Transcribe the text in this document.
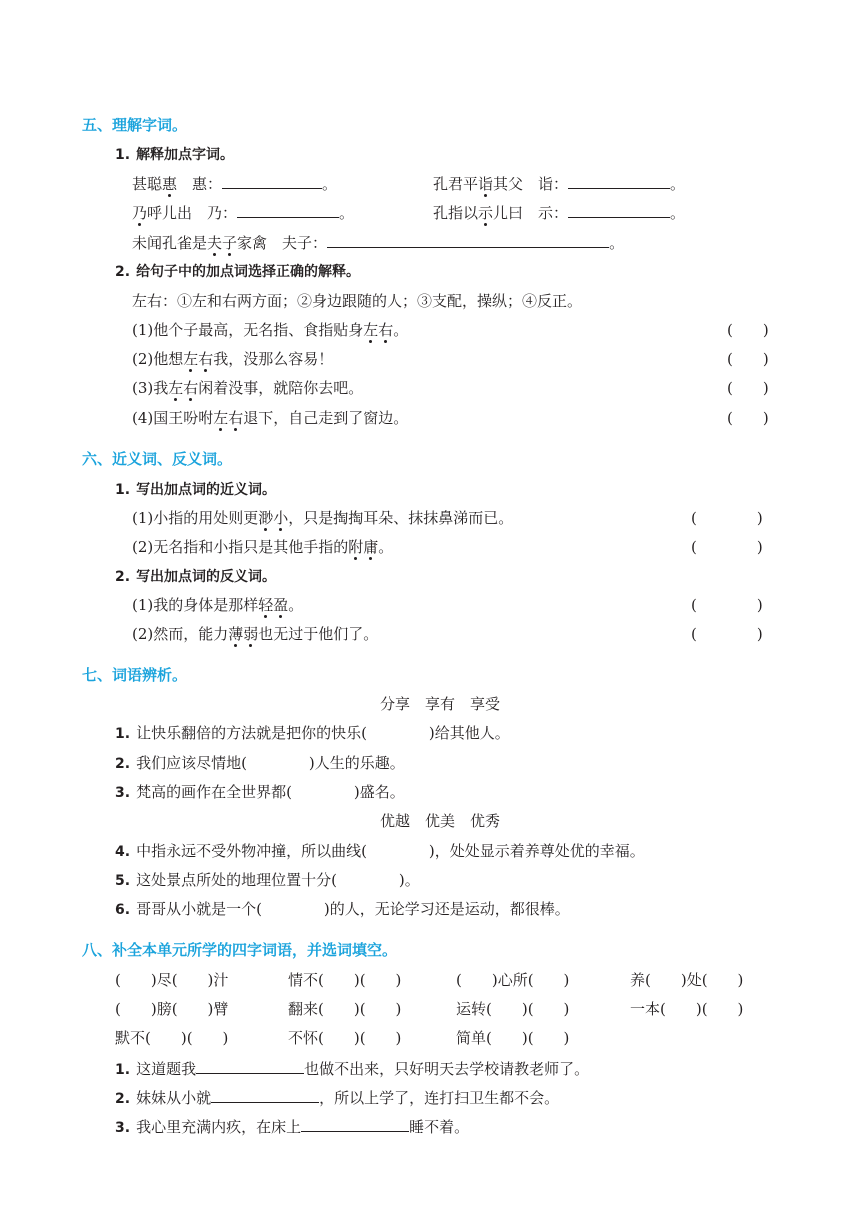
五、理解字词。
1. 解释加点字词。
甚聪惠　惠：	。	孔君平诣其父　诣：	。
乃呼儿出　乃：	。	孔指以示儿曰　示：	。
未闻孔雀是夫子家禽　夫子：	。
2. 给句子中的加点词选择正确的解释。
左右：①左和右两方面；②身边跟随的人；③支配，操纵；④反正。
(1)他个子最高，无名指、食指贴身左右。	(　　)
(2)他想左右我，没那么容易！	(　　)
(3)我左右闲着没事，就陪你去吧。	(　　)
(4)国王吩咐左右退下，自己走到了窗边。	(　　)
六、近义词、反义词。
1. 写出加点词的近义词。
(1)小指的用处则更渺小，只是掏掏耳朵、抹抹鼻涕而已。	(　　　　)
(2)无名指和小指只是其他手指的附庸。	(　　　　)
2. 写出加点词的反义词。
(1)我的身体是那样轻盈。	(　　　　)
(2)然而，能力薄弱也无过于他们了。	(　　　　)
七、词语辨析。
分享　享有　享受
1. 让快乐翻倍的方法就是把你的快乐(	)给其他人。
2. 我们应该尽情地(	)人生的乐趣。
3. 梵高的画作在全世界都(	)盛名。
优越　优美　优秀
4. 中指永远不受外物冲撞，所以曲线(	)，处处显示着养尊处优的幸福。
5. 这处景点所处的地理位置十分(	)。
6. 哥哥从小就是一个(	)的人，无论学习还是运动，都很棒。
八、补全本单元所学的四字词语，并选词填空。
(　　)尽(　　)汁	情不(　　)(　　)	(　　)心所(　　)	养(　　)处(　　)
(　　)膀(　　)臂	翻来(　　)(　　)	运转(　　)(　　)	一本(　　)(　　)
默不(　　)(　　)	不怀(　　)(　　)	简单(　　)(　　)
1. 这道题我	也做不出来，只好明天去学校请教老师了。
2. 妹妹从小就	，所以上学了，连打扫卫生都不会。
3. 我心里充满内疚，在床上	睡不着。
